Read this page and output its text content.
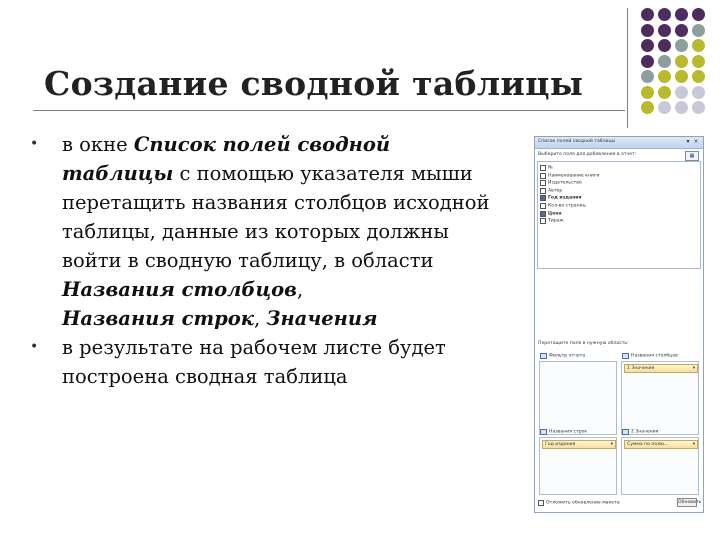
Создание сводной таблицы
• в окне Список полей сводной
таблицы с помощью указателя мыши
перетащить названия столбцов исходной
таблицы, данные из которых должны
войти в сводную таблицу, в области
Названия столбцов,
Названия строк, Значения
• в результате на рабочем листе будет
построена сводная таблица
Список полей сводной таблицы	▾ ×
Выберите поля для добавления в отчет:	▦
№
Наименование книги
Издательство
Автор
Год издания
Кол-во страниц
Цена
Тираж
Перетащите поля в нужную область:
Фильтр отчета	Названия столбцов
Σ Значения	▾
Названия строк
Год издания	▾
Σ Значения
Сумма по полю...	▾
Отложить обновление макета	Обновить
